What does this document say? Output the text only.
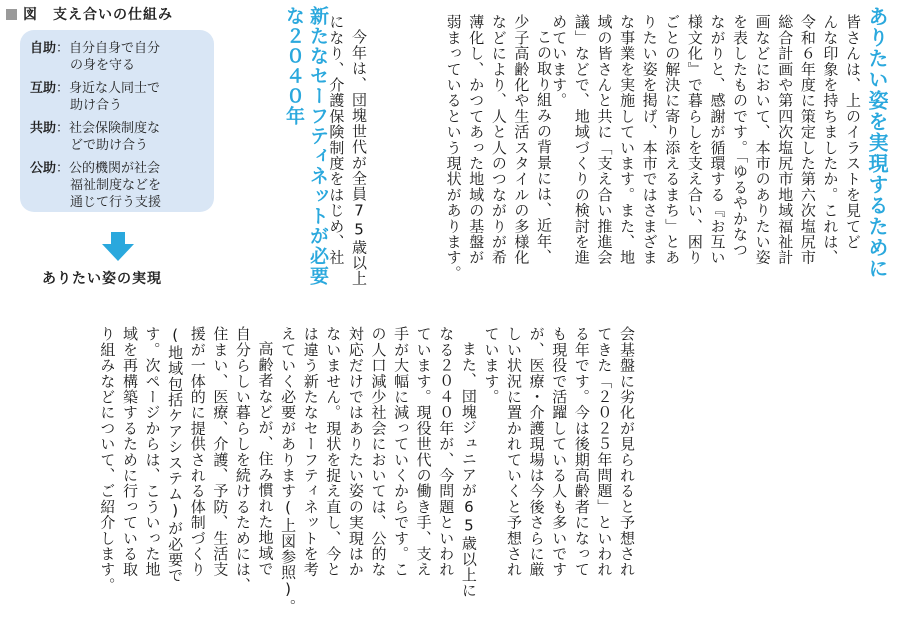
ありたい姿を実現するために
皆さんは、上のイラストを見てど
んな印象を持ちましたか。これは、
令和６年度に策定した第六次塩尻市
総合計画や第四次塩尻市地域福祉計
画などにおいて、本市のありたい姿
を表したものです。「ゆるやかなつ
ながりと、感謝が循環する『お互い
様文化』で暮らしを支え合い、困り
ごとの解決に寄り添えるまち」とあ
りたい姿を掲げ、本市ではさまざま
な事業を実施しています。また、地
域の皆さんと共に「支え合い推進会
議」などで、地域づくりの検討を進
めています。
今年は、団塊世代が全員75歳以上
になり、介護保険制度をはじめ、社	この取り組みの背景には、近年、
少子高齢化や生活スタイルの多様化
などにより、人と人のつながりが希
薄化し、かつてあった地域の基盤が
弱まっているという現状があります。
新たなセーフティネットが必要
な２０４０年
会基盤に劣化が見られると予想され
てきた「２０２５年問題」といわれ
る年です。今は後期高齢者になって
も現役で活躍している人も多いです
が、医療・介護現場は今後さらに厳
しい状況に置かれていくと予想され
ています。
また、団塊ジュニアが65歳以上に
なる２０４０年が、今問題といわれ
ています。現役世代の働き手、支え
手が大幅に減っていくからです。こ
の人口減少社会においては、公的な
対応だけではありたい姿の実現はか
ないません。現状を捉え直し、今と
は違う新たなセーフティネットを考
えていく必要があります(上図参照)。
高齢者などが、住み慣れた地域で
自分らしい暮らしを続けるためには、
住まい、医療、介護、予防、生活支
援が一体的に提供される体制づくり
(地域包括ケアシステム)が必要で
す。次ページからは、こういった地
域を再構築するために行っている取
り組みなどについて、ご紹介します。
図　支え合いの仕組み
自助：自分自身で自分
の身を守る
互助：身近な人同士で
助け合う
共助：社会保険制度な
どで助け合う
公助：公的機関が社会
福祉制度などを
通じて行う支援
ありたい姿の実現
